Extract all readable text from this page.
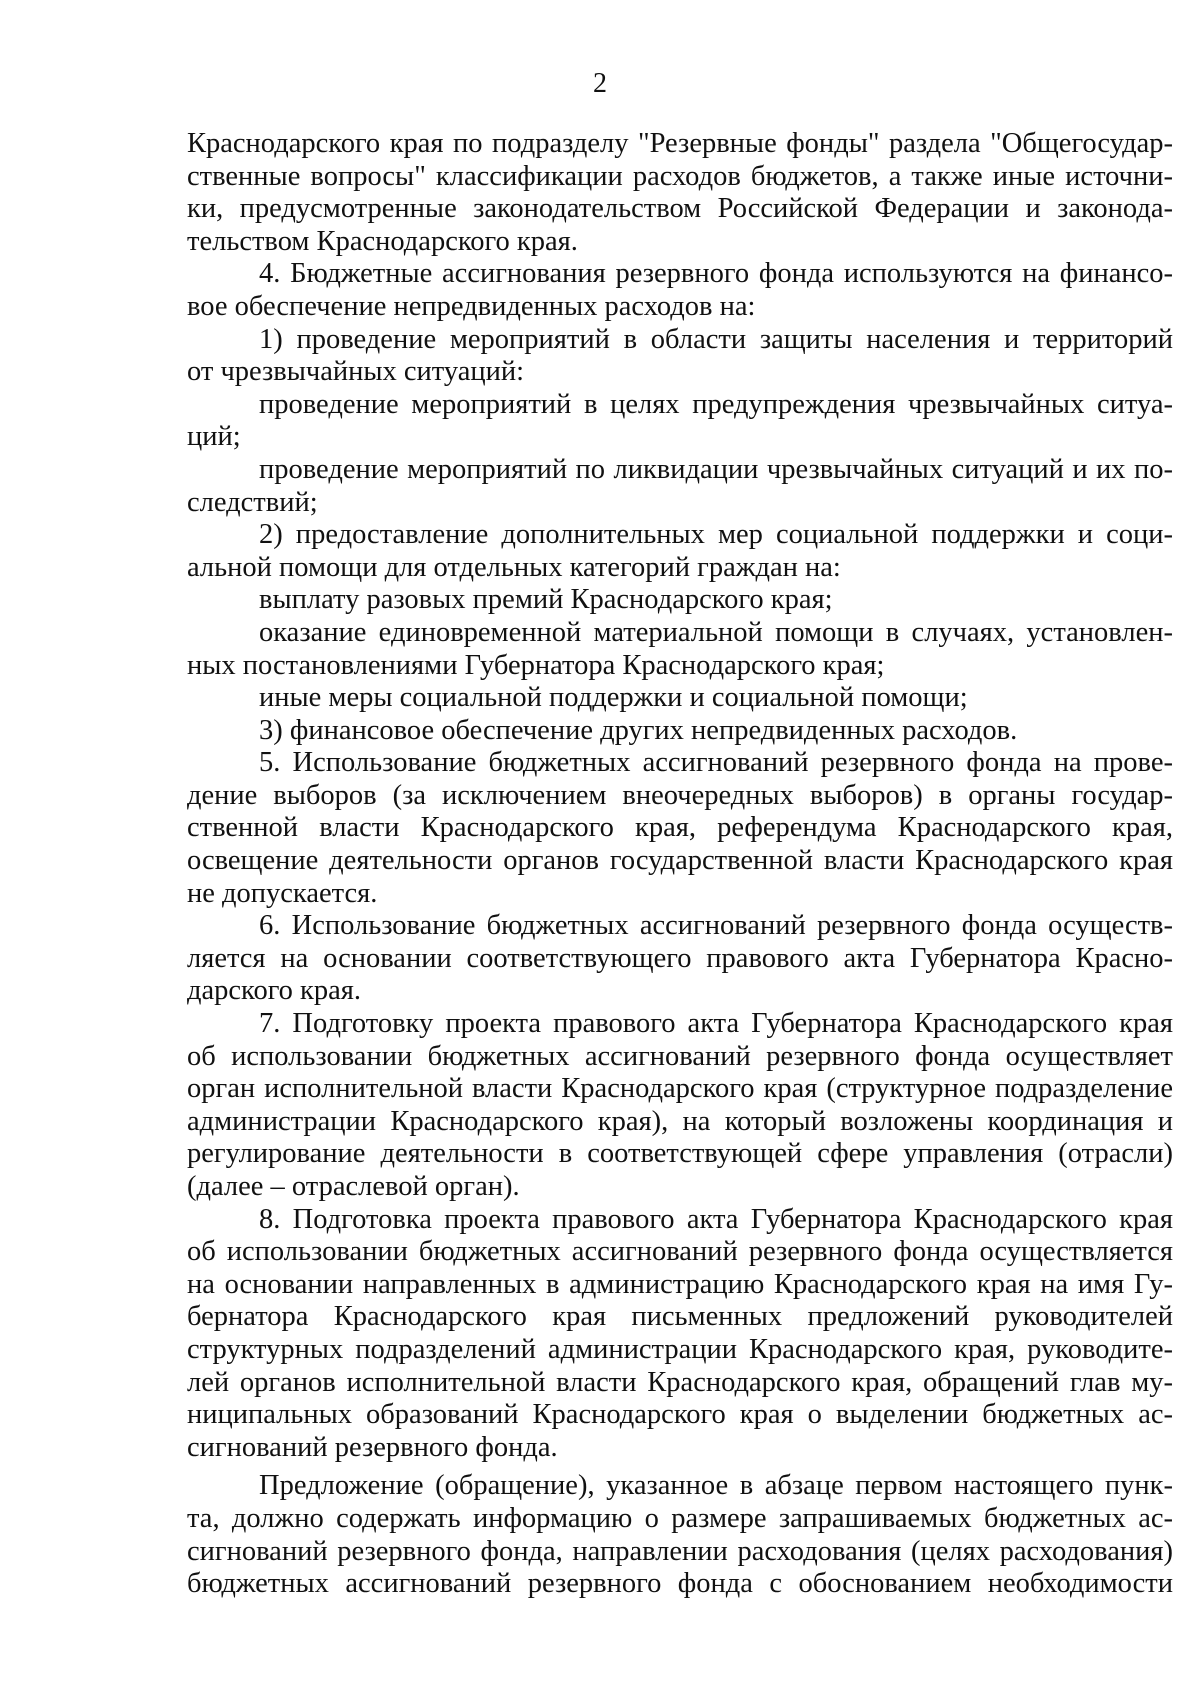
2
Краснодарского края по подразделу "Резервные фонды" раздела "Общегосудар-
ственные вопросы" классификации расходов бюджетов, а также иные источни-
ки, предусмотренные законодательством Российской Федерации и законода-
тельством Краснодарского края.
4. Бюджетные ассигнования резервного фонда используются на финансо-
вое обеспечение непредвиденных расходов на:
1) проведение мероприятий в области защиты населения и территорий
от чрезвычайных ситуаций:
проведение мероприятий в целях предупреждения чрезвычайных ситуа-
ций;
проведение мероприятий по ликвидации чрезвычайных ситуаций и их по-
следствий;
2) предоставление дополнительных мер социальной поддержки и соци-
альной помощи для отдельных категорий граждан на:
выплату разовых премий Краснодарского края;
оказание единовременной материальной помощи в случаях, установлен-
ных постановлениями Губернатора Краснодарского края;
иные меры социальной поддержки и социальной помощи;
3) финансовое обеспечение других непредвиденных расходов.
5. Использование бюджетных ассигнований резервного фонда на прове-
дение выборов (за исключением внеочередных выборов) в органы государ-
ственной власти Краснодарского края, референдума Краснодарского края,
освещение деятельности органов государственной власти Краснодарского края
не допускается.
6. Использование бюджетных ассигнований резервного фонда осуществ-
ляется на основании соответствующего правового акта Губернатора Красно-
дарского края.
7. Подготовку проекта правового акта Губернатора Краснодарского края
об использовании бюджетных ассигнований резервного фонда осуществляет
орган исполнительной власти Краснодарского края (структурное подразделение
администрации Краснодарского края), на который возложены координация и
регулирование деятельности в соответствующей сфере управления (отрасли)
(далее – отраслевой орган).
8. Подготовка проекта правового акта Губернатора Краснодарского края
об использовании бюджетных ассигнований резервного фонда осуществляется
на основании направленных в администрацию Краснодарского края на имя Гу-
бернатора Краснодарского края письменных предложений руководителей
структурных подразделений администрации Краснодарского края, руководите-
лей органов исполнительной власти Краснодарского края, обращений глав му-
ниципальных образований Краснодарского края о выделении бюджетных ас-
сигнований резервного фонда.
Предложение (обращение), указанное в абзаце первом настоящего пунк-
та, должно содержать информацию о размере запрашиваемых бюджетных ас-
сигнований резервного фонда, направлении расходования (целях расходования)
бюджетных ассигнований резервного фонда с обоснованием необходимости
